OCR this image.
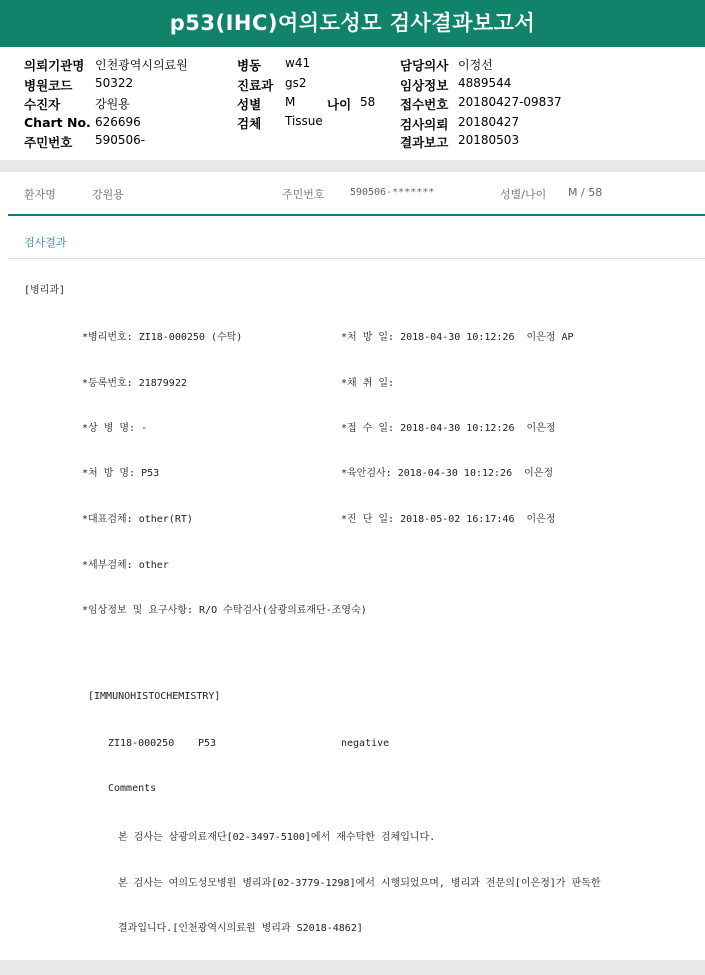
p53(IHC)여의도성모 검사결과보고서
의뢰기관명 인천광역시의료원
병원코드 50322
수진자	강원용
Chart No. 626696
주민번호 590506-
병동 w41
진료과 gs2
성별 M	나이 58
검체 Tissue
담당의사 이정선
임상정보 4889544
접수번호 20180427-09837
검사의뢰 20180427
결과보고 20180503
환자명	강원용	주민번호	590506-*******	성별/나이 M / 58
검사결과
[병리과]
*병리번호: ZI18-000250 (수탁)	*처 방 일: 2018-04-30 10:12:26  이은정 AP
*등록번호: 21879922	*채 취 일:
*상 병 명: -	*접 수 일: 2018-04-30 10:12:26  이은정
*처 방 명: P53	*육안검사: 2018-04-30 10:12:26  이은정
*대표검체: other(RT)	*진 단 일: 2018-05-02 16:17:46  이은정
*세부검체: other
*임상정보 및 요구사항: R/O 수탁검사(삼광의료재단-조영숙)
[IMMUNOHISTOCHEMISTRY]
ZI18-000250 P53	negative
Comments
본 검사는 삼광의료재단[02-3497-5100]에서 재수탁한 검체입니다.
본 검사는 여의도성모병원 병리과[02-3779-1298]에서 시행되었으며, 병리과 전문의[이은정]가 판독한
결과입니다.[인천광역시의료원 병리과 S2018-4862]
